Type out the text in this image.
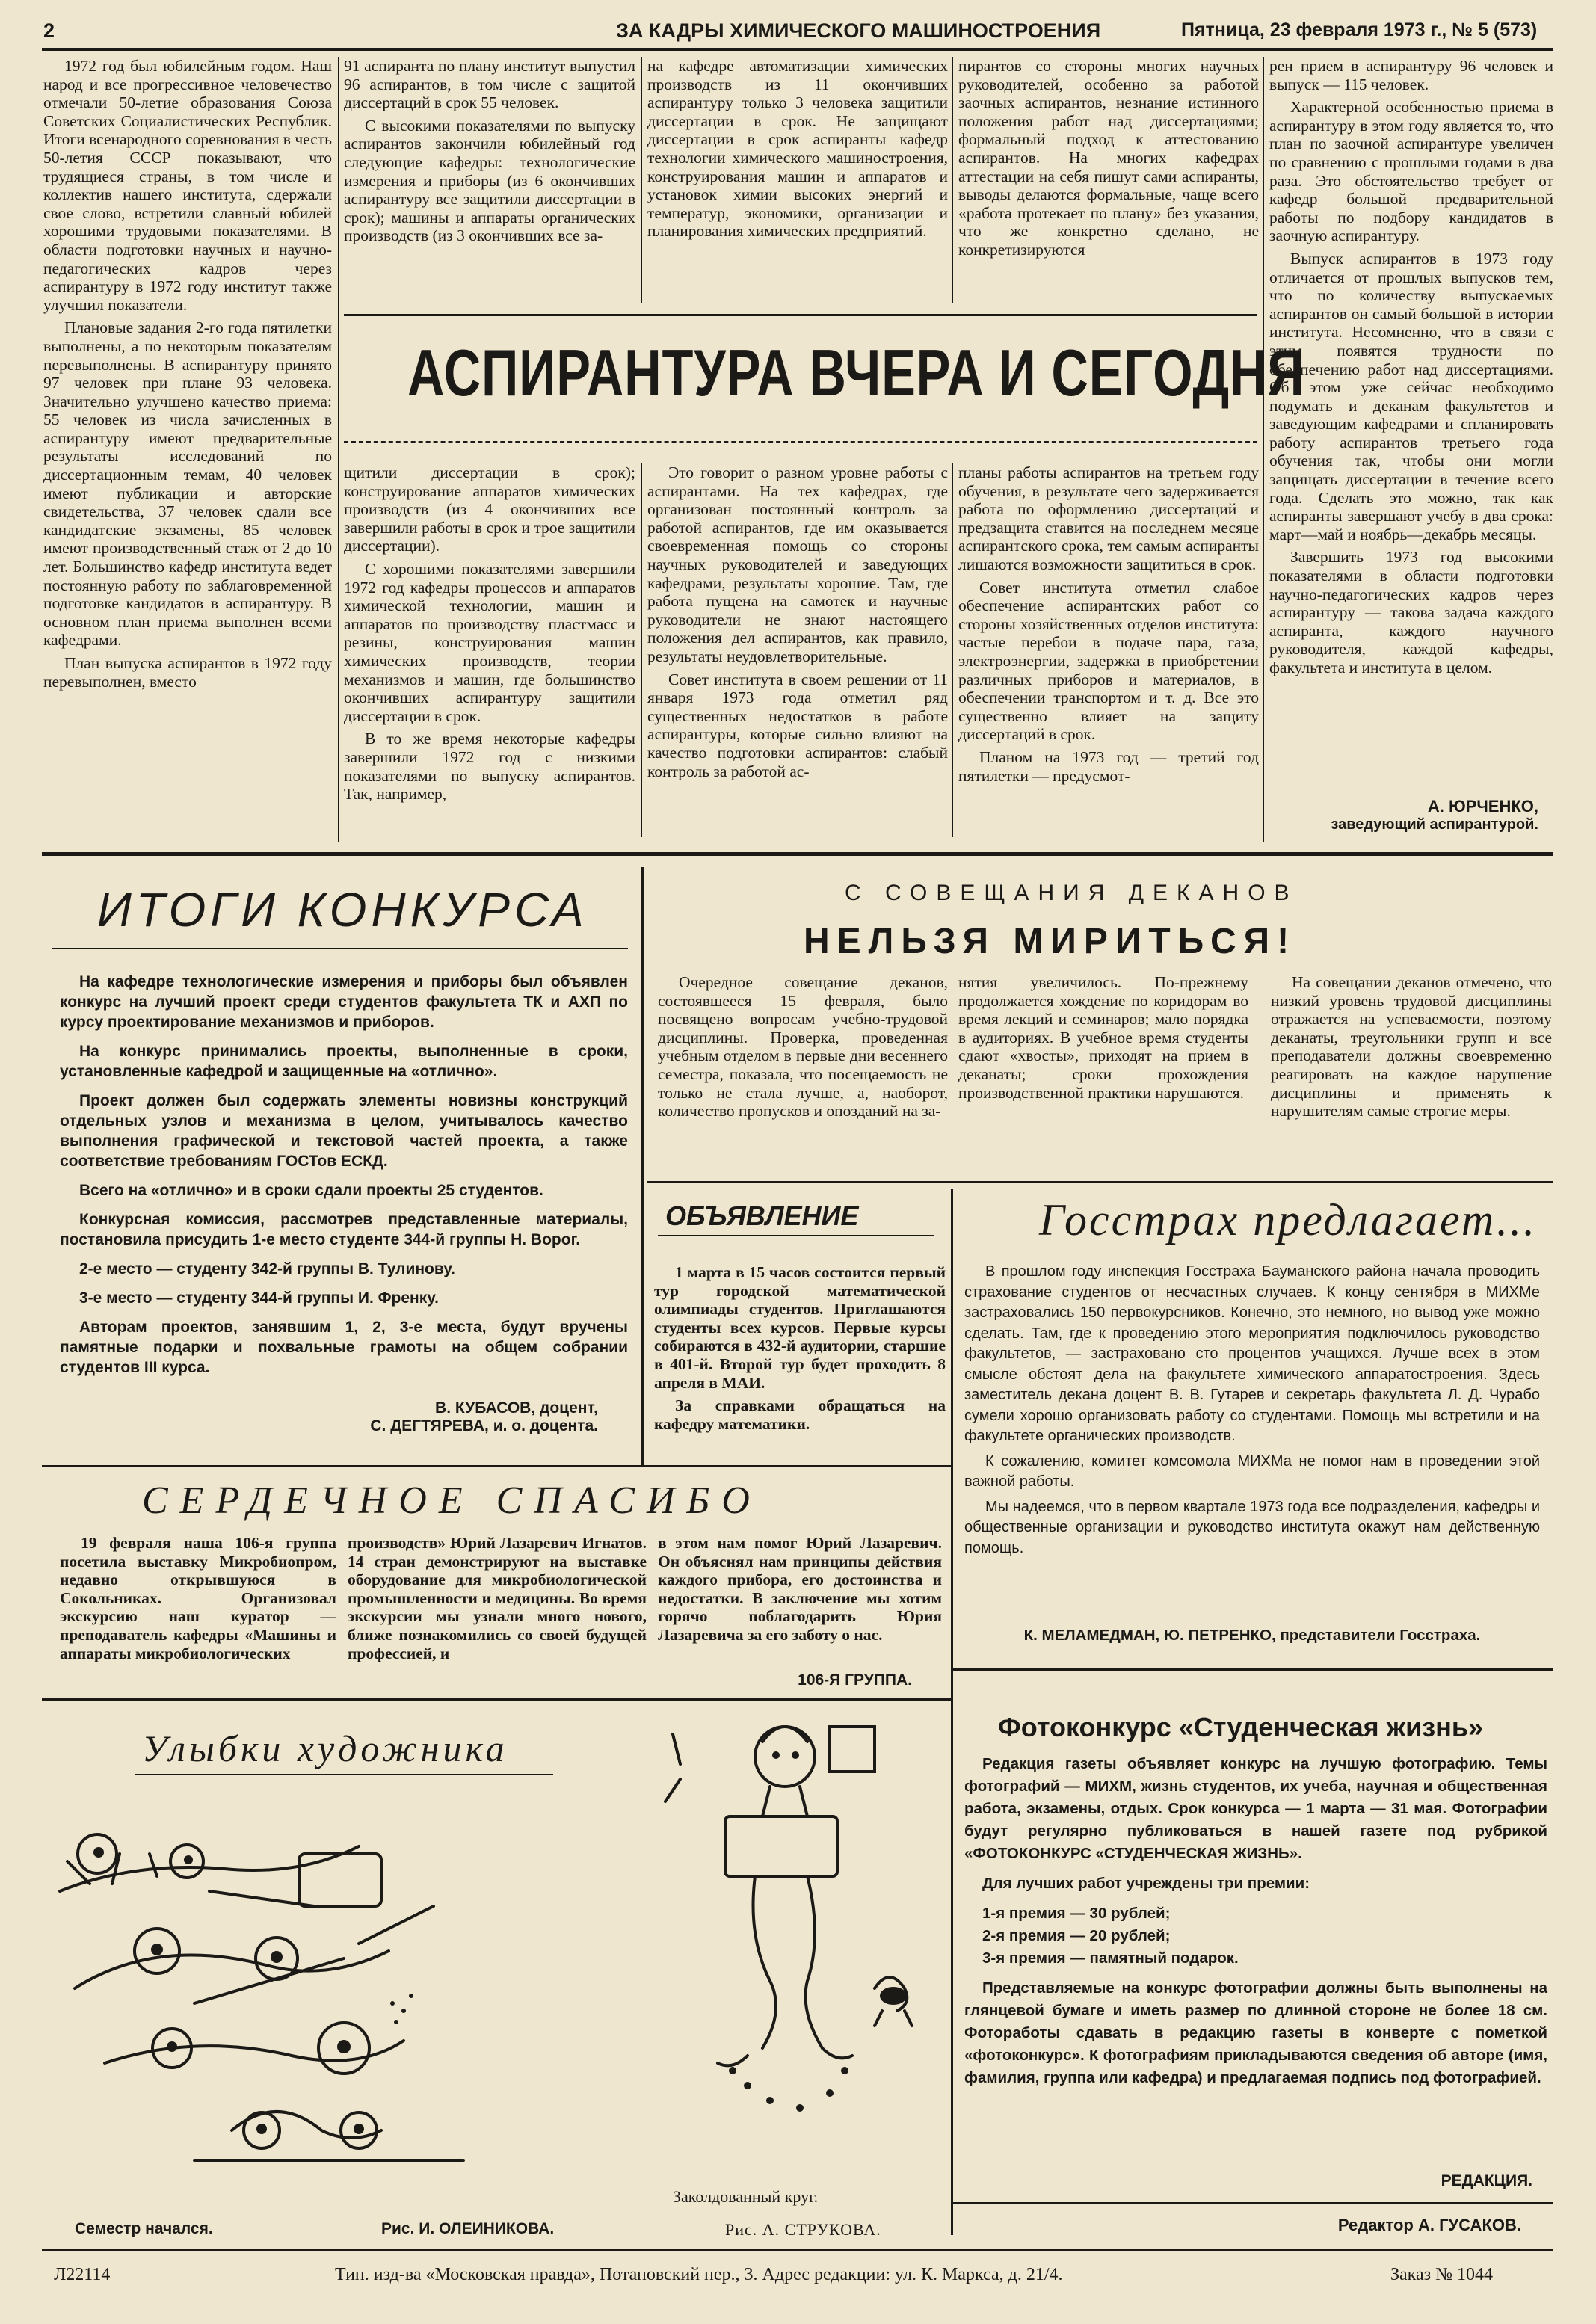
2	ЗА КАДРЫ ХИМИЧЕСКОГО МАШИНОСТРОЕНИЯ	Пятница, 23 февраля 1973 г., № 5 (573)

1972 год был юбилейным годом. Наш народ и все прогрессивное человечество отмечали 50-летие образования Союза Советских Социалистических Республик. Итоги всенародного соревнования в честь 50-летия СССР показывают, что трудящиеся страны, в том числе и коллектив нашего института, сдержали свое слово, встретили славный юбилей хорошими трудовыми показателями. В области подготовки научных и научно-педагогических кадров через аспирантуру в 1972 году институт также улучшил показатели.

Плановые задания 2-го года пятилетки выполнены, а по некоторым показателям перевыполнены. В аспирантуру принято 97 человек при плане 93 человека. Значительно улучшено качество приема: 55 человек из числа зачисленных в аспирантуру имеют предварительные результаты исследований по диссертационным темам, 40 человек имеют публикации и авторские свидетельства, 37 человек сдали все кандидатские экзамены, 85 человек имеют производственный стаж от 2 до 10 лет. Большинство кафедр института ведет постоянную работу по заблаговременной подготовке кандидатов в аспирантуру. В основном план приема выполнен всеми кафедрами.

План выпуска аспирантов в 1972 году перевыполнен, вместо

91 аспиранта по плану институт выпустил 96 аспирантов, в том числе с защитой диссертаций в срок 55 человек.

С высокими показателями по выпуску аспирантов закончили юбилейный год следующие кафедры: технологические измерения и приборы (из 6 окончивших аспирантуру все защитили диссертации в срок); машины и аппараты органических производств (из 3 окончивших все за-

на кафедре автоматизации химических производств из 11 окончивших аспирантуру только 3 человека защитили диссертации в срок. Не защищают диссертации в срок аспиранты кафедр технологии химического машиностроения, конструирования машин и аппаратов и установок химии высоких энергий и температур, экономики, организации и планирования химических предприятий.

пирантов со стороны многих научных руководителей, особенно за работой заочных аспирантов, незнание истинного положения работ над диссертациями; формальный подход к аттестованию аспирантов. На многих кафедрах аттестации на себя пишут сами аспиранты, выводы делаются формальные, чаще всего «работа протекает по плану» без указания, что же конкретно сделано, не конкретизируются

АСПИРАНТУРА ВЧЕРА И СЕГОДНЯ

щитили диссертации в срок); конструирование аппаратов химических производств (из 4 окончивших все завершили работы в срок и трое защитили диссертации).

С хорошими показателями завершили 1972 год кафедры процессов и аппаратов химической технологии, машин и аппаратов по производству пластмасс и резины, конструирования машин химических производств, теории механизмов и машин, где большинство окончивших аспирантуру защитили диссертации в срок.

В то же время некоторые кафедры завершили 1972 год с низкими показателями по выпуску аспирантов. Так, например,

Это говорит о разном уровне работы с аспирантами. На тех кафедрах, где организован постоянный контроль за работой аспирантов, где им оказывается своевременная помощь со стороны научных руководителей и заведующих кафедрами, результаты хорошие. Там, где работа пущена на самотек и научные руководители не знают настоящего положения дел аспирантов, как правило, результаты неудовлетворительные.

Совет института в своем решении от 11 января 1973 года отметил ряд существенных недостатков в работе аспирантуры, которые сильно влияют на качество подготовки аспирантов: слабый контроль за работой ас-

планы работы аспирантов на третьем году обучения, в результате чего задерживается работа по оформлению диссертаций и предзащита ставится на последнем месяце аспирантского срока, тем самым аспиранты лишаются возможности защититься в срок.

Совет института отметил слабое обеспечение аспирантских работ со стороны хозяйственных отделов института: частые перебои в подаче пара, газа, электроэнергии, задержка в приобретении различных приборов и материалов, в обеспечении транспортом и т. д. Все это существенно влияет на защиту диссертаций в срок.

Планом на 1973 год — третий год пятилетки — предусмот-

рен прием в аспирантуру 96 человек и выпуск — 115 человек.

Характерной особенностью приема в аспирантуру в этом году является то, что план по заочной аспирантуре увеличен по сравнению с прошлыми годами в два раза. Это обстоятельство требует от кафедр большой предварительной работы по подбору кандидатов в заочную аспирантуру.

Выпуск аспирантов в 1973 году отличается от прошлых выпусков тем, что по количеству выпускаемых аспирантов он самый большой в истории института. Несомненно, что в связи с этим появятся трудности по обеспечению работ над диссертациями. Об этом уже сейчас необходимо подумать и деканам факультетов и заведующим кафедрами и спланировать работу аспирантов третьего года обучения так, чтобы они могли защищать диссертации в течение всего года. Сделать это можно, так как аспиранты завершают учебу в два срока: март—май и ноябрь—декабрь месяцы.

Завершить 1973 год высокими показателями в области подготовки научно-педагогических кадров через аспирантуру — такова задача каждого аспиранта, каждого научного руководителя, каждой кафедры, факультета и института в целом.

А. ЮРЧЕНКО,
заведующий аспирантурой.
ИТОГИ КОНКУРСА

На кафедре технологические измерения и приборы был объявлен конкурс на лучший проект среди студентов факультета ТК и АХП по курсу проектирование механизмов и приборов.

На конкурс принимались проекты, выполненные в сроки, установленные кафедрой и защищенные на «отлично».

Проект должен был содержать элементы новизны конструкций отдельных узлов и механизма в целом, учитывалось качество выполнения графической и текстовой частей проекта, а также соответствие требованиям ГОСТов ЕСКД.

Всего на «отлично» и в сроки сдали проекты 25 студентов.

Конкурсная комиссия, рассмотрев представленные материалы, постановила присудить 1-е место студенте 344-й группы Н. Ворог.

2-е место — студенту 342-й группы В. Тулинову.

3-е место — студенту 344-й группы И. Френку.

Авторам проектов, занявшим 1, 2, 3-е места, будут вручены памятные подарки и похвальные грамоты на общем собрании студентов III курса.

В. КУБАСОВ, доцент,
С. ДЕГТЯРЕВА, и. о. доцента.
С СОВЕЩАНИЯ ДЕКАНОВ
НЕЛЬЗЯ МИРИТЬСЯ!

Очередное совещание деканов, состоявшееся 15 февраля, было посвящено вопросам учебно-трудовой дисциплины. Проверка, проведенная учебным отделом в первые дни весеннего семестра, показала, что посещаемость не только не стала лучше, а, наоборот, количество пропусков и опозданий на за-

нятия увеличилось. По-прежнему продолжается хождение по коридорам во время лекций и семинаров; мало порядка в аудиториях. В учебное время студенты сдают «хвосты», приходят на прием в деканаты; сроки прохождения производственной практики нарушаются.

На совещании деканов отмечено, что низкий уровень трудовой дисциплины отражается на успеваемости, поэтому деканаты, треугольники групп и все преподаватели должны своевременно реагировать на каждое нарушение дисциплины и применять к нарушителям самые строгие меры.

ОБЪЯВЛЕНИЕ

1 марта в 15 часов состоится первый тур городской математической олимпиады студентов. Приглашаются студенты всех курсов. Первые курсы собираются в 432-й аудитории, старшие в 401-й. Второй тур будет проходить 8 апреля в МАИ.

За справками обращаться на кафедру математики.

Госстрах предлагает...

В прошлом году инспекция Госстраха Бауманского района начала проводить страхование студентов от несчастных случаев. К концу сентября в МИХМе застраховались 150 первокурсников. Конечно, это немного, но вывод уже можно сделать. Там, где к проведению этого мероприятия подключилось руководство факультетов, — застраховано сто процентов учащихся. Лучше всех в этом смысле обстоят дела на факультете химического аппаратостроения. Здесь заместитель декана доцент В. В. Гутарев и секретарь факультета Л. Д. Чурабо сумели хорошо организовать работу со студентами. Помощь мы встретили и на факультете органических производств.

К сожалению, комитет комсомола МИХМа не помог нам в проведении этой важной работы.

Мы надеемся, что в первом квартале 1973 года все подразделения, кафедры и общественные организации и руководство института окажут нам действенную помощь.

К. МЕЛАМЕДМАН, Ю. ПЕТРЕНКО, представители Госстраха.
СЕРДЕЧНОЕ СПАСИБО

19 февраля наша 106-я группа посетила выставку Микробиопром, недавно открывшуюся в Сокольниках. Организовал экскурсию наш куратор — преподаватель кафедры «Машины и аппараты микробиологических

производств» Юрий Лазаревич Игнатов. 14 стран демонстрируют на выставке оборудование для микробиологической промышленности и медицины. Во время экскурсии мы узнали много нового, ближе познакомились со своей будущей профессией, и

в этом нам помог Юрий Лазаревич. Он объяснял нам принципы действия каждого прибора, его достоинства и недостатки. В заключение мы хотим горячо поблагодарить Юрия Лазаревича за его заботу о нас.

106-Я ГРУППА.
Улыбки художника
Заколдованный круг.
Семестр начался.	Рис. И. ОЛЕИНИКОВА.	Рис. А. СТРУКОВА.
Фотоконкурс «Студенческая жизнь»

Редакция газеты объявляет конкурс на лучшую фотографию. Темы фотографий — МИХМ, жизнь студентов, их учеба, научная и общественная работа, экзамены, отдых. Срок конкурса — 1 марта — 31 мая. Фотографии будут регулярно публиковаться в нашей газете под рубрикой «ФОТОКОНКУРС «СТУДЕНЧЕСКАЯ ЖИЗНЬ».

Для лучших работ учреждены три премии:

1-я премия — 30 рублей;

2-я премия — 20 рублей;

3-я премия — памятный подарок.

Представляемые на конкурс фотографии должны быть выполнены на глянцевой бумаге и иметь размер по длинной стороне не более 18 см. Фотоработы сдавать в редакцию газеты в конверте с пометкой «фотоконкурс». К фотографиям прикладываются сведения об авторе (имя, фамилия, группа или кафедра) и предлагаемая подпись под фотографией.

РЕДАКЦИЯ.
Редактор А. ГУСАКОВ.
Л22114	Тип. изд-ва «Московская правда», Потаповский пер., 3. Адрес редакции: ул. К. Маркса, д. 21/4.	Заказ № 1044
